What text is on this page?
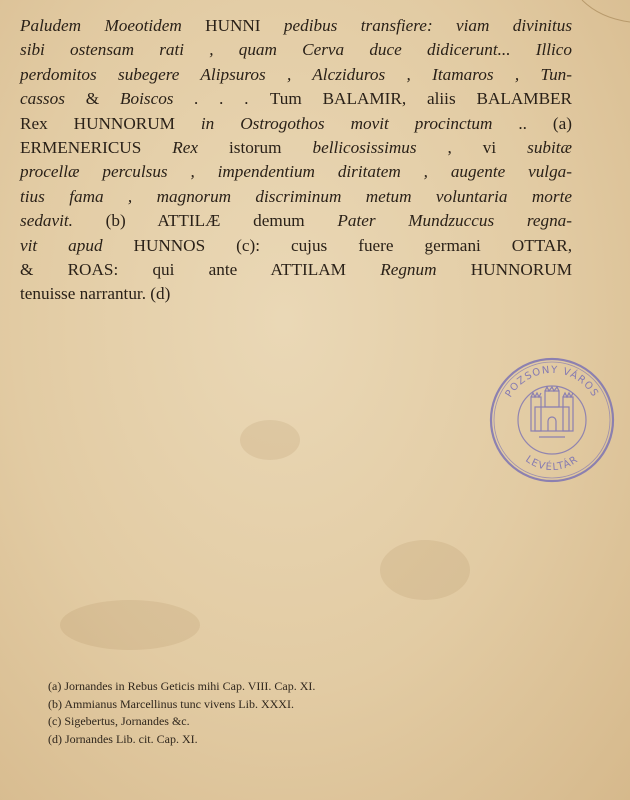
Paludem Moeotidem HUNNI pedibus transfiere: viam divinitus
sibi ostensam rati , quam Cerva duce didicerunt... Illico
perdomitos subegere Alipsuros , Alcziduros , Itamaros , Tun-
cassos & Boiscos . . . Tum BALAMIR, aliis BALAMBER
Rex HUNNORUM in Ostrogothos movit procinctum .. (a)
ERMENERICUS Rex istorum bellicosissimus , vi subitæ
procellæ perculsus , impendentium diritatem , augente vulga-
tius fama , magnorum discriminum metum voluntaria morte
sedavit. (b) ATTILÆ demum Pater Mundzuccus regna-
vit apud HUNNOS (c): cujus fuere germani OTTAR,
& ROAS: qui ante ATTILAM Regnum HUNNORUM
tenuisse narrantur. (d)
(a) Jornandes in Rebus Geticis mihi Cap. VIII. Cap. XI.
(b) Ammianus Marcellinus tunc vivens Lib. XXXI.
(c) Sigebertus, Jornandes &c.
(d) Jornandes Lib. cit. Cap. XI.
POZSONY VÁROS
LEVÉLTÁR
